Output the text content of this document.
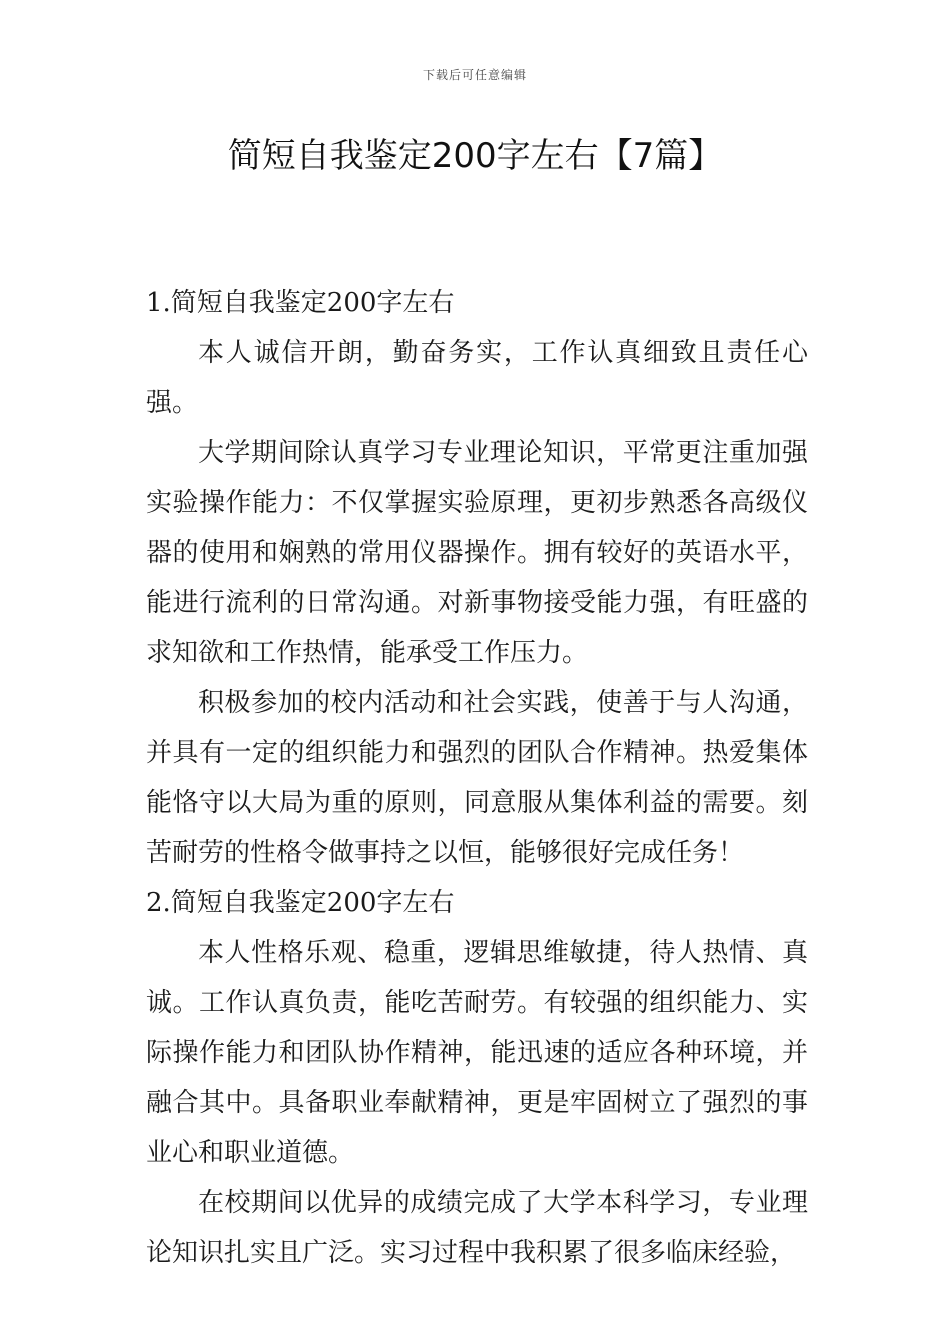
下载后可任意编辑
简短自我鉴定200字左右【7篇】

1.简短自我鉴定200字左右

本人诚信开朗，勤奋务实，工作认真细致且责任心强。

大学期间除认真学习专业理论知识，平常更注重加强实验操作能力：不仅掌握实验原理，更初步熟悉各高级仪器的使用和娴熟的常用仪器操作。拥有较好的英语水平，能进行流利的日常沟通。对新事物接受能力强，有旺盛的求知欲和工作热情，能承受工作压力。

积极参加的校内活动和社会实践，使善于与人沟通，并具有一定的组织能力和强烈的团队合作精神。热爱集体能恪守以大局为重的原则，同意服从集体利益的需要。刻苦耐劳的性格令做事持之以恒，能够很好完成任务！

2.简短自我鉴定200字左右

本人性格乐观、稳重，逻辑思维敏捷，待人热情、真诚。工作认真负责，能吃苦耐劳。有较强的组织能力、实际操作能力和团队协作精神，能迅速的适应各种环境，并融合其中。具备职业奉献精神，更是牢固树立了强烈的事业心和职业道德。

在校期间以优异的成绩完成了大学本科学习，专业理论知识扎实且广泛。实习过程中我积累了很多临床经验，
